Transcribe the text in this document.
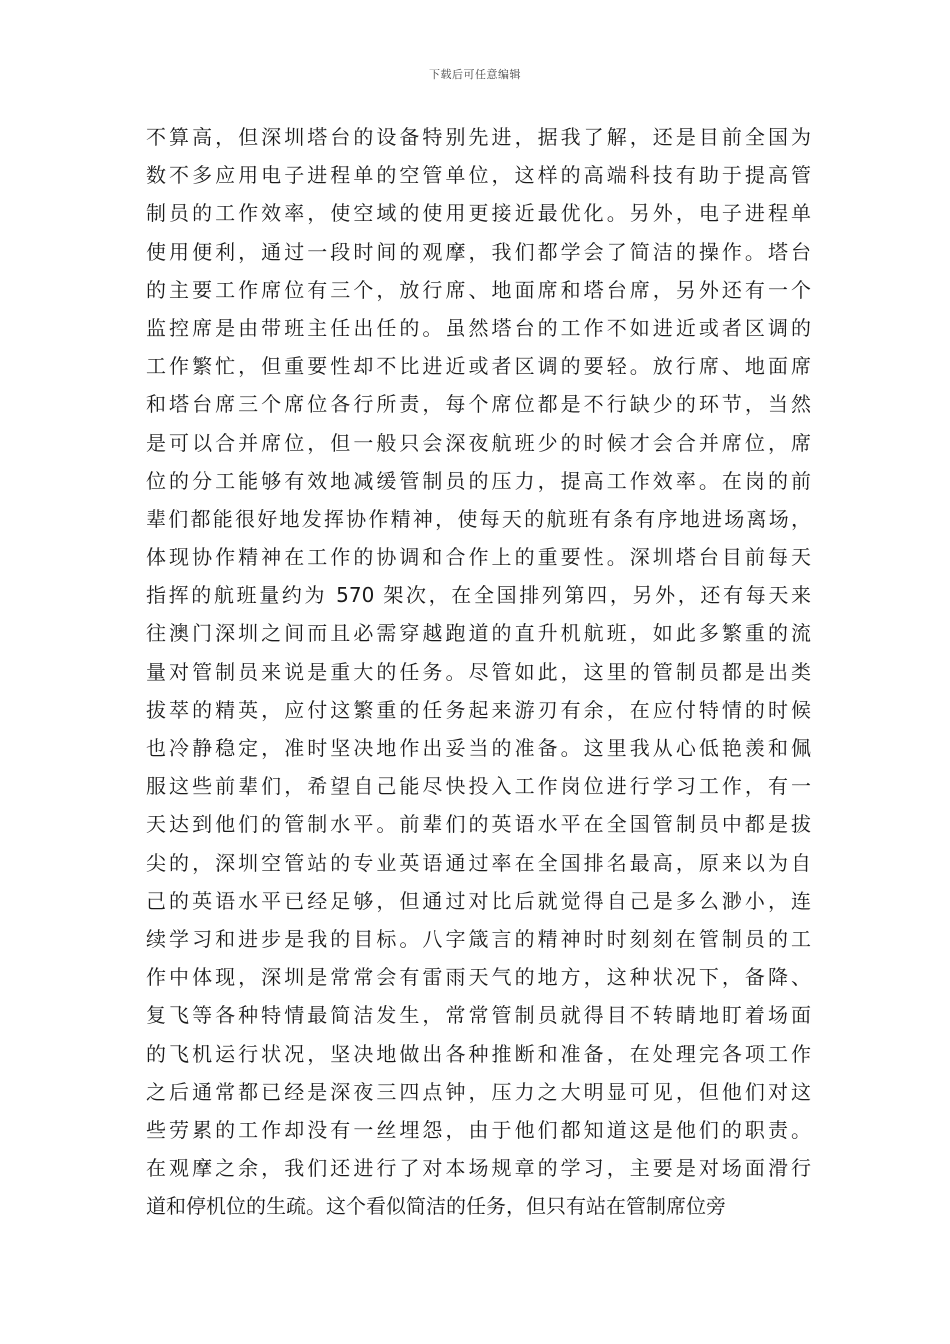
下载后可任意编辑
不算高，但深圳塔台的设备特别先进，据我了解，还是目前全国为
数不多应用电子进程单的空管单位，这样的高端科技有助于提高管
制员的工作效率，使空域的使用更接近最优化。另外，电子进程单
使用便利，通过一段时间的观摩，我们都学会了简洁的操作。塔台
的主要工作席位有三个，放行席、地面席和塔台席，另外还有一个
监控席是由带班主任出任的。虽然塔台的工作不如进近或者区调的
工作繁忙，但重要性却不比进近或者区调的要轻。放行席、地面席
和塔台席三个席位各行所责，每个席位都是不行缺少的环节，当然
是可以合并席位，但一般只会深夜航班少的时候才会合并席位，席
位的分工能够有效地减缓管制员的压力，提高工作效率。在岗的前
辈们都能很好地发挥协作精神，使每天的航班有条有序地进场离场，
体现协作精神在工作的协调和合作上的重要性。深圳塔台目前每天
指挥的航班量约为 570 架次，在全国排列第四，另外，还有每天来
往澳门深圳之间而且必需穿越跑道的直升机航班，如此多繁重的流
量对管制员来说是重大的任务。尽管如此，这里的管制员都是出类
拔萃的精英，应付这繁重的任务起来游刃有余，在应付特情的时候
也冷静稳定，准时坚决地作出妥当的准备。这里我从心低艳羡和佩
服这些前辈们，希望自己能尽快投入工作岗位进行学习工作，有一
天达到他们的管制水平。前辈们的英语水平在全国管制员中都是拔
尖的，深圳空管站的专业英语通过率在全国排名最高，原来以为自
己的英语水平已经足够，但通过对比后就觉得自己是多么渺小，连
续学习和进步是我的目标。八字箴言的精神时时刻刻在管制员的工
作中体现，深圳是常常会有雷雨天气的地方，这种状况下，备降、
复飞等各种特情最简洁发生，常常管制员就得目不转睛地盯着场面
的飞机运行状况，坚决地做出各种推断和准备，在处理完各项工作
之后通常都已经是深夜三四点钟，压力之大明显可见，但他们对这
些劳累的工作却没有一丝埋怨，由于他们都知道这是他们的职责。
在观摩之余，我们还进行了对本场规章的学习，主要是对场面滑行
道和停机位的生疏。这个看似简洁的任务，但只有站在管制席位旁
